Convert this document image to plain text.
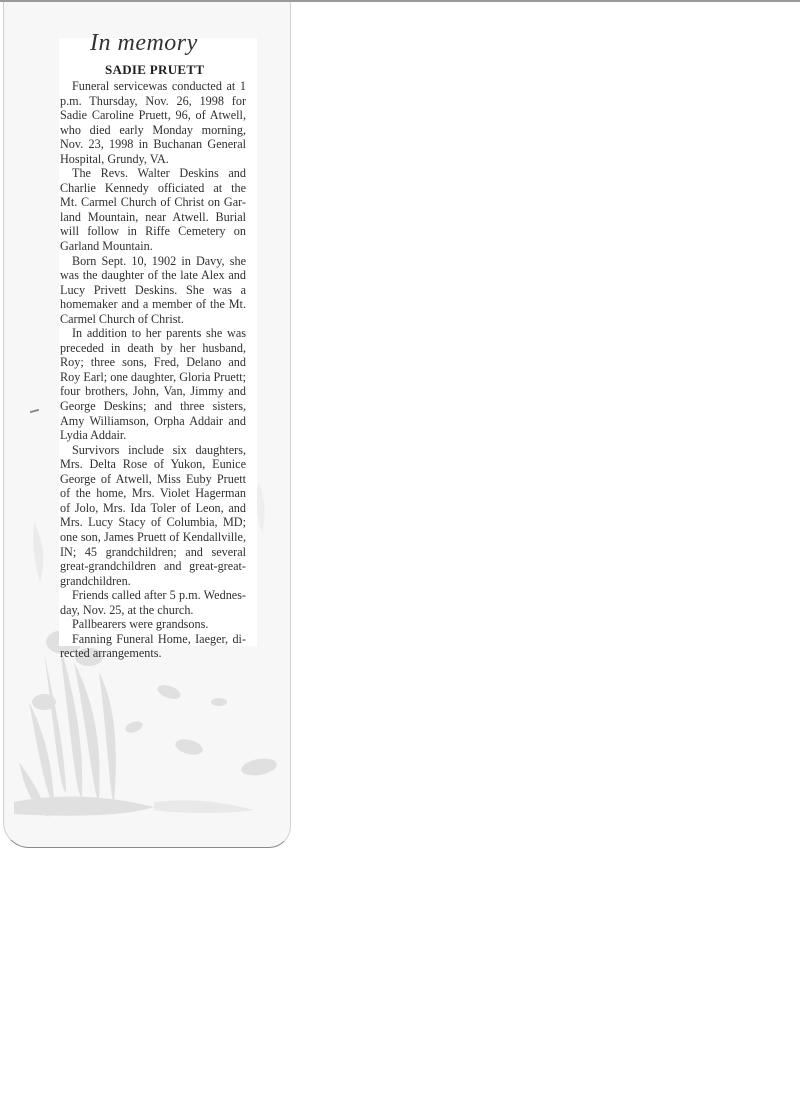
In memory
SADIE PRUETT
Funeral servicewas conducted at 1
p.m. Thursday, Nov. 26, 1998 for
Sadie Caroline Pruett, 96, of Atwell,
who died early Monday morning,
Nov. 23, 1998 in Buchanan General
Hospital, Grundy, VA.
The Revs. Walter Deskins and
Charlie Kennedy officiated at the
Mt. Carmel Church of Christ on Gar-
land Mountain, near Atwell. Burial
will follow in Riffe Cemetery on
Garland Mountain.
Born Sept. 10, 1902 in Davy, she
was the daughter of the late Alex and
Lucy Privett Deskins. She was a
homemaker and a member of the Mt.
Carmel Church of Christ.
In addition to her parents she was
preceded in death by her husband,
Roy; three sons, Fred, Delano and
Roy Earl; one daughter, Gloria Pruett;
four brothers, John, Van, Jimmy and
George Deskins; and three sisters,
Amy Williamson, Orpha Addair and
Lydia Addair.
Survivors include six daughters,
Mrs. Delta Rose of Yukon, Eunice
George of Atwell, Miss Euby Pruett
of the home, Mrs. Violet Hagerman
of Jolo, Mrs. Ida Toler of Leon, and
Mrs. Lucy Stacy of Columbia, MD;
one son, James Pruett of Kendallville,
IN; 45 grandchildren; and several
great-grandchildren and great-great-
grandchildren.
Friends called after 5 p.m. Wednes-
day, Nov. 25, at the church.
Pallbearers were grandsons.
Fanning Funeral Home, Iaeger, di-
rected arrangements.
